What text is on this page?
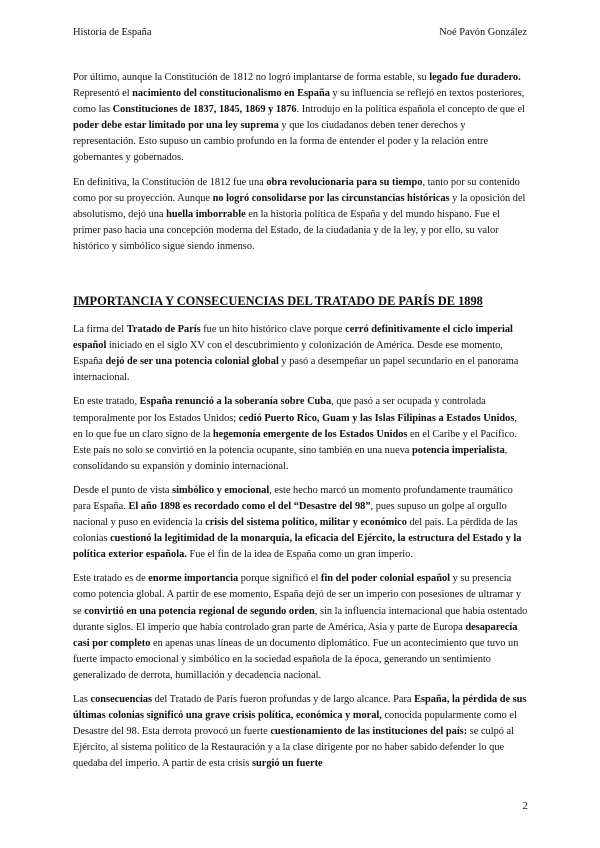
Historia de España	Noé Pavón González

Por último, aunque la Constitución de 1812 no logró implantarse de forma estable, su legado fue duradero. Representó el nacimiento del constitucionalismo en España y su influencia se reflejó en textos posteriores, como las Constituciones de 1837, 1845, 1869 y 1876. Introdujo en la política española el concepto de que el poder debe estar limitado por una ley suprema y que los ciudadanos deben tener derechos y representación. Esto supuso un cambio profundo en la forma de entender el poder y la relación entre gobernantes y gobernados.

En definitiva, la Constitución de 1812 fue una obra revolucionaria para su tiempo, tanto por su contenido como por su proyección. Aunque no logró consolidarse por las circunstancias históricas y la oposición del absolutismo, dejó una huella imborrable en la historia política de España y del mundo hispano. Fue el primer paso hacia una concepción moderna del Estado, de la ciudadanía y de la ley, y por ello, su valor histórico y simbólico sigue siendo inmenso.

IMPORTANCIA Y CONSECUENCIAS DEL TRATADO DE PARÍS DE 1898

La firma del Tratado de París fue un hito histórico clave porque cerró definitivamente el ciclo imperial español iniciado en el siglo XV con el descubrimiento y colonización de América. Desde ese momento, España dejó de ser una potencia colonial global y pasó a desempeñar un papel secundario en el panorama internacional.

En este tratado, España renunció a la soberanía sobre Cuba, que pasó a ser ocupada y controlada temporalmente por los Estados Unidos; cedió Puerto Rico, Guam y las Islas Filipinas a Estados Unidos, en lo que fue un claro signo de la hegemonía emergente de los Estados Unidos en el Caribe y el Pacífico. Este país no solo se convirtió en la potencia ocupante, sino también en una nueva potencia imperialista, consolidando su expansión y dominio internacional.

Desde el punto de vista simbólico y emocional, este hecho marcó un momento profundamente traumático para España. El año 1898 es recordado como el del “Desastre del 98”, pues supuso un golpe al orgullo nacional y puso en evidencia la crisis del sistema político, militar y económico del país. La pérdida de las colonias cuestionó la legitimidad de la monarquía, la eficacia del Ejército, la estructura del Estado y la política exterior española. Fue el fin de la idea de España como un gran imperio.

Este tratado es de enorme importancia porque significó el fin del poder colonial español y su presencia como potencia global. A partir de ese momento, España dejó de ser un imperio con posesiones de ultramar y se convirtió en una potencia regional de segundo orden, sin la influencia internacional que había ostentado durante siglos. El imperio que había controlado gran parte de América, Asia y parte de Europa desaparecía casi por completo en apenas unas líneas de un documento diplomático. Fue un acontecimiento que tuvo un fuerte impacto emocional y simbólico en la sociedad española de la época, generando un sentimiento generalizado de derrota, humillación y decadencia nacional.

Las consecuencias del Tratado de París fueron profundas y de largo alcance. Para España, la pérdida de sus últimas colonias significó una grave crisis política, económica y moral, conocida popularmente como el Desastre del 98. Esta derrota provocó un fuerte cuestionamiento de las instituciones del país: se culpó al Ejército, al sistema político de la Restauración y a la clase dirigente por no haber sabido defender lo que quedaba del imperio. A partir de esta crisis surgió un fuerte

2
